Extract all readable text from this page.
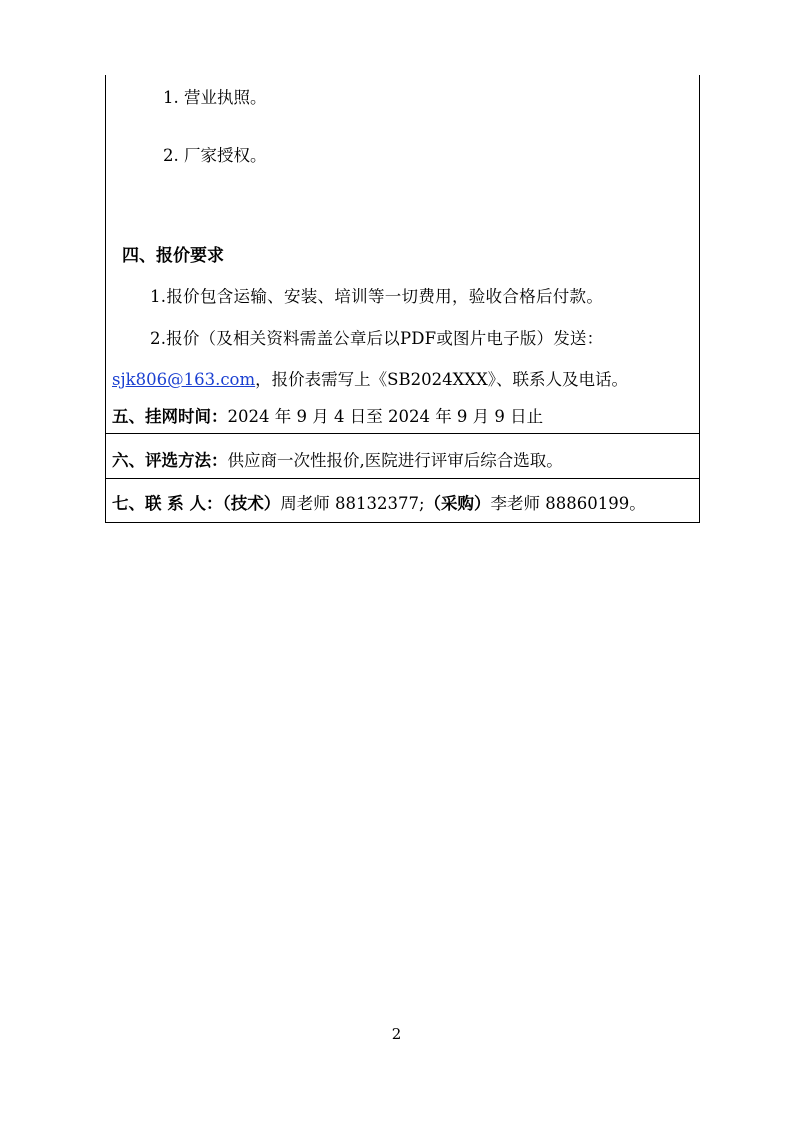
1. 营业执照。
2. 厂家授权。
四、报价要求
1.报价包含运输、安装、培训等一切费用，验收合格后付款。
2.报价（及相关资料需盖公章后以PDF或图片电子版）发送：
sjk806@163.com，报价表需写上《SB2024XXX》、联系人及电话。
五、挂网时间：2024 年 9 月 4 日至 2024 年 9 月 9 日止
六、评选方法：供应商一次性报价,医院进行评审后综合选取。
七、联 系 人：（技术）周老师 88132377;（采购）李老师 88860199。
2
